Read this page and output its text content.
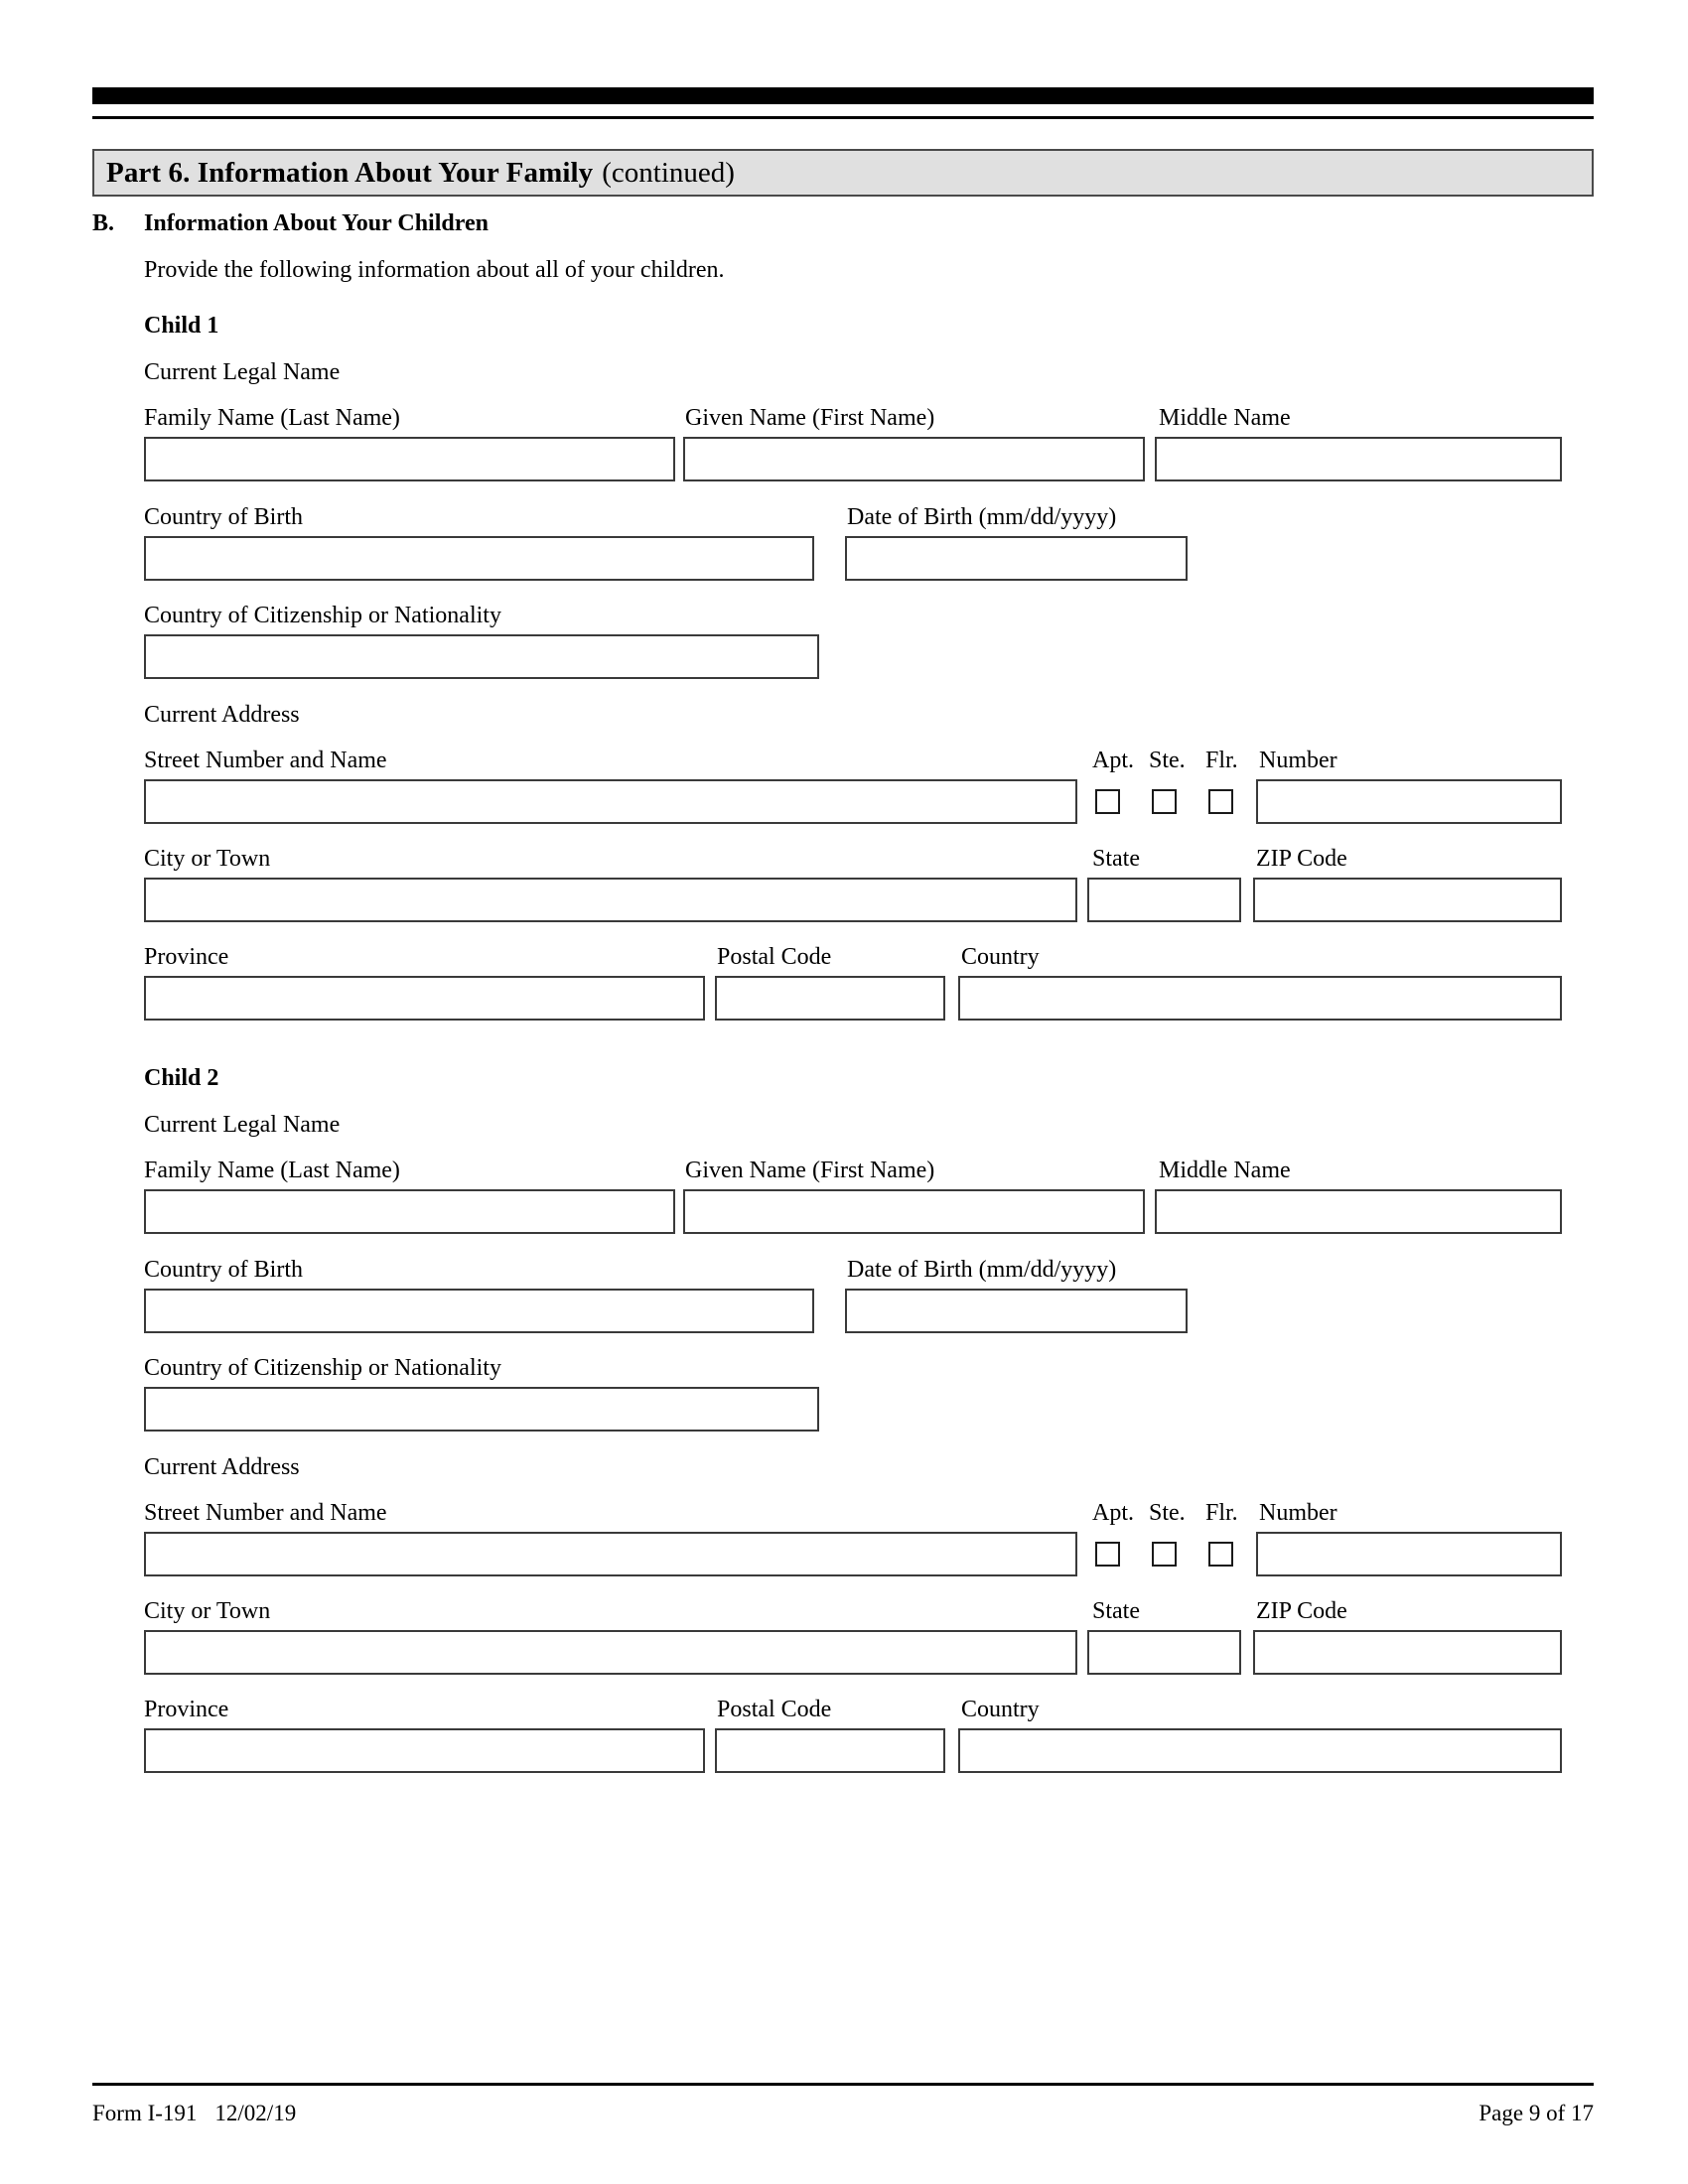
Part 6. Information About Your Family (continued)
B. Information About Your Children
Provide the following information about all of your children.
Child 1
Current Legal Name
Family Name (Last Name)	Given Name (First Name)	Middle Name
Country of Birth	Date of Birth (mm/dd/yyyy)
Country of Citizenship or Nationality
Current Address
Street Number and Name	Apt. Ste. Flr. Number
City or Town	State	ZIP Code
Province	Postal Code	Country
Child 2
Current Legal Name
Family Name (Last Name)	Given Name (First Name)	Middle Name
Country of Birth	Date of Birth (mm/dd/yyyy)
Country of Citizenship or Nationality
Current Address
Street Number and Name	Apt. Ste. Flr. Number
City or Town	State	ZIP Code
Province	Postal Code	Country
Form I-191 12/02/19	Page 9 of 17
